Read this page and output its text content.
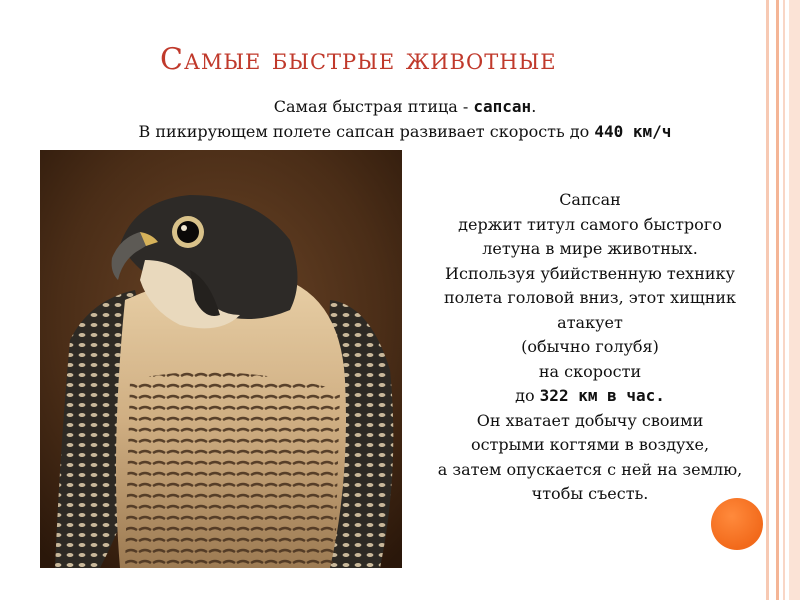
Самые быстрые животные
Самая быстрая птица - сапсан.
В пикирующем полете сапсан развивает скорость до 440 км/ч
Сапсан
держит титул самого быстрого
летуна в мире животных.
Используя убийственную технику
полета головой вниз, этот хищник
атакует
(обычно голубя)
на скорости
до 322 км в час.
Он хватает добычу своими
острыми когтями в воздухе,
а затем опускается с ней на землю,
чтобы съесть.
